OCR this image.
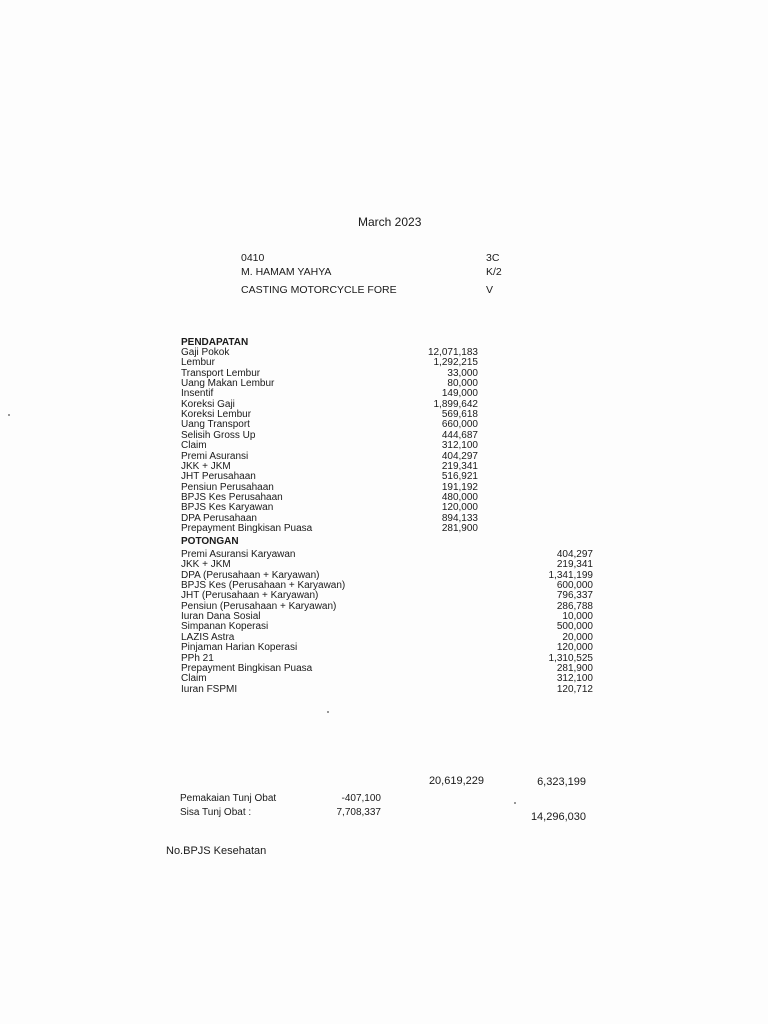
March 2023
0410	3C
M. HAMAM YAHYA	K/2
CASTING MOTORCYCLE FORE	V
PENDAPATAN
Gaji Pokok	12,071,183
Lembur	1,292,215
Transport Lembur	33,000
Uang Makan Lembur	80,000
Insentif	149,000
Koreksi Gaji	1,899,642
Koreksi Lembur	569,618
Uang Transport	660,000
Selisih Gross Up	444,687
Claim	312,100
Premi Asuransi	404,297
JKK + JKM	219,341
JHT Perusahaan	516,921
Pensiun Perusahaan	191,192
BPJS Kes Perusahaan	480,000
BPJS Kes Karyawan	120,000
DPA Perusahaan	894,133
Prepayment Bingkisan Puasa	281,900
POTONGAN
Premi Asuransi Karyawan	404,297
JKK + JKM	219,341
DPA (Perusahaan + Karyawan)	1,341,199
BPJS Kes (Perusahaan + Karyawan)	600,000
JHT (Perusahaan + Karyawan)	796,337
Pensiun (Perusahaan + Karyawan)	286,788
Iuran Dana Sosial	10,000
Simpanan Koperasi	500,000
LAZIS Astra	20,000
Pinjaman Harian Koperasi	120,000
PPh 21	1,310,525
Prepayment Bingkisan Puasa	281,900
Claim	312,100
Iuran FSPMI	120,712
20,619,229	6,323,199
Pemakaian Tunj Obat	-407,100
Sisa Tunj Obat :	7,708,337	14,296,030
No.BPJS Kesehatan
